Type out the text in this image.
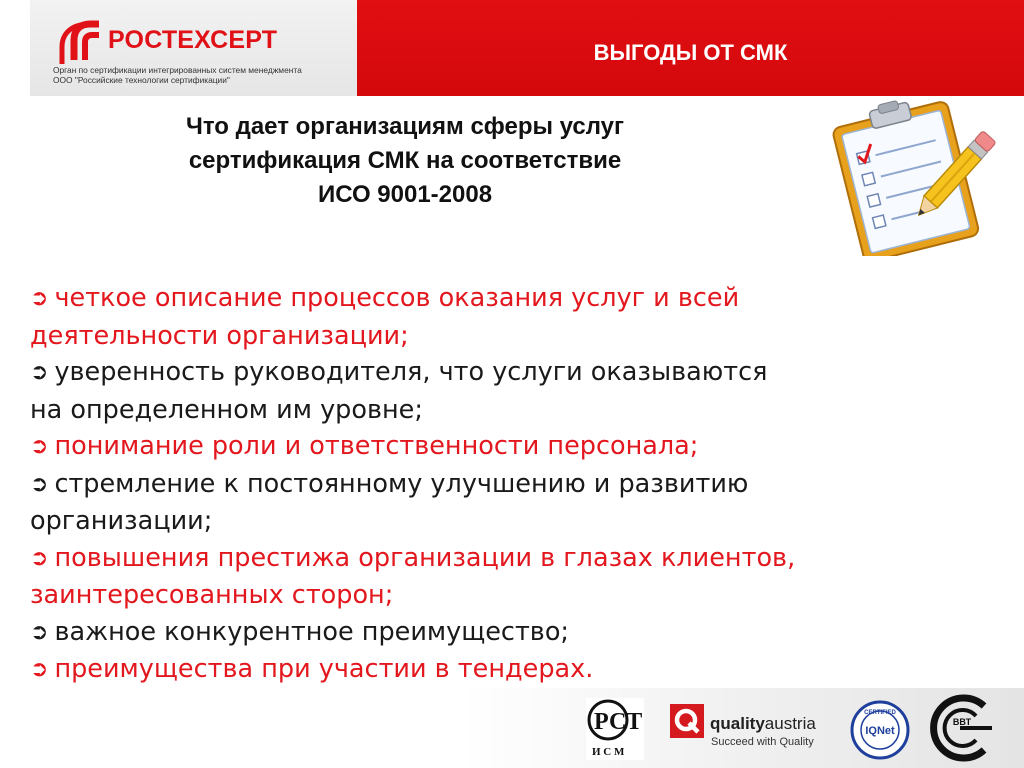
РОСТЕХСЕРТ
Орган по сертификации интегрированных систем менеджмента
ООО "Российские технологии сертификации"
ВЫГОДЫ ОТ СМК
Что дает организациям сферы услуг
сертификация СМК на соответствие
ИСО 9001-2008
➲ четкое описание процессов оказания услуг и всей
деятельности организации;
➲ уверенность руководителя, что услуги оказываются
на определенном им уровне;
➲ понимание роли и ответственности персонала;
➲ стремление к постоянному улучшению и развитию
организации;
➲ повышения престижа организации в глазах клиентов,
заинтересованных сторон;
➲ важное конкурентное преимущество;
➲ преимущества при участии в тендерах.
РСТ
И С М
qualityaustria
Succeed with Quality
CERTIFIED
IQNet
ВВТ
